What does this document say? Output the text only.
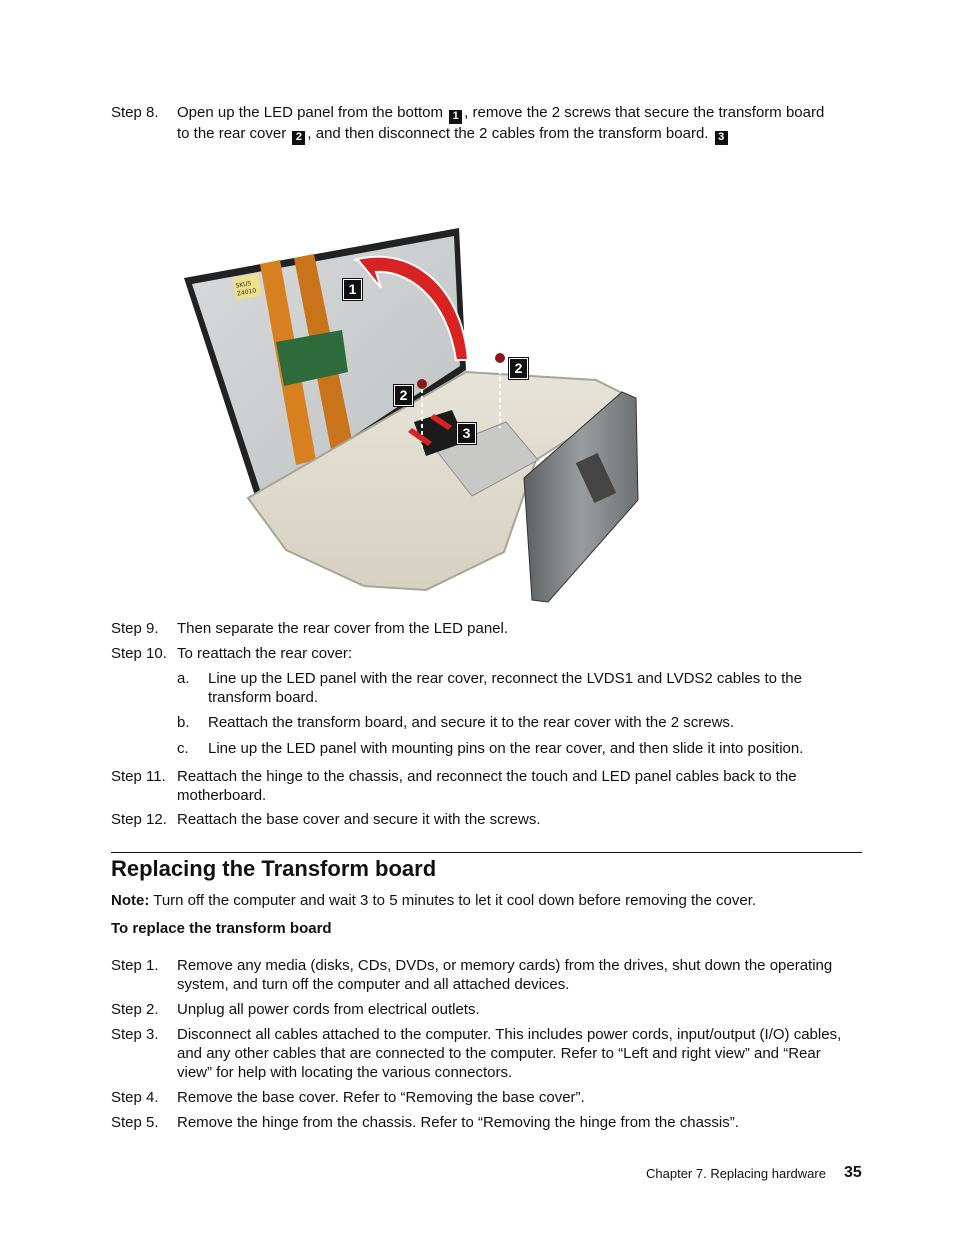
Step 8. Open up the LED panel from the bottom 1 , remove the 2 screws that secure the transform board
to the rear cover 2 , and then disconnect the 2 cables from the transform board. 3
SKUS
Z4010	1
2
2
3
Step 9. Then separate the rear cover from the LED panel.
Step 10. To reattach the rear cover:
a. Line up the LED panel with the rear cover, reconnect the LVDS1 and LVDS2 cables to the transform board.
b. Reattach the transform board, and secure it to the rear cover with the 2 screws.
c. Line up the LED panel with mounting pins on the rear cover, and then slide it into position.
Step 11. Reattach the hinge to the chassis, and reconnect the touch and LED panel cables back to the motherboard.
Step 12. Reattach the base cover and secure it with the screws.
Replacing the Transform board
Note: Turn off the computer and wait 3 to 5 minutes to let it cool down before removing the cover.
To replace the transform board
Step 1. Remove any media (disks, CDs, DVDs, or memory cards) from the drives, shut down the operating system, and turn off the computer and all attached devices.
Step 2. Unplug all power cords from electrical outlets.
Step 3. Disconnect all cables attached to the computer. This includes power cords, input/output (I/O) cables, and any other cables that are connected to the computer. Refer to “Left and right view” and “Rear view” for help with locating the various connectors.
Step 4. Remove the base cover. Refer to “Removing the base cover”.
Step 5. Remove the hinge from the chassis. Refer to “Removing the hinge from the chassis”.
Chapter 7. Replacing hardware 35
